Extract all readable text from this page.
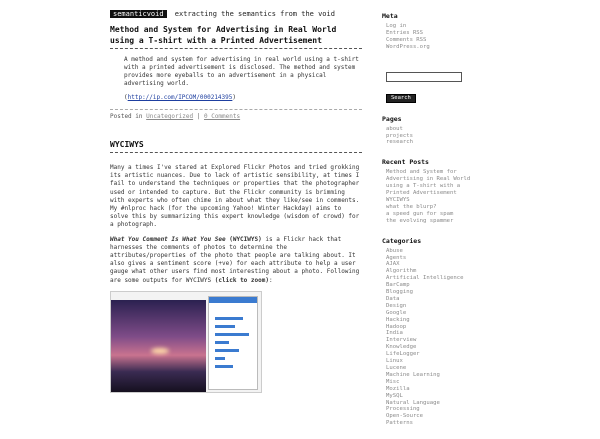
semanticvoid extracting the semantics from the void
Method and System for Advertising in Real World using a T-shirt with a Printed Advertisement

A method and system for advertising in real world using a t-shirt with a printed advertisement is disclosed. The method and system provides more eyeballs to an advertisement in a physical advertising world.

(http://ip.com/IPCOM/000214395)

Posted in Uncategorized | 0 Comments
WYCIWYS

Many a times I've stared at Explored Flickr Photos and tried grokking its artistic nuances. Due to lack of artistic sensibility, at times I fail to understand the techniques or properties that the photographer used or intended to capture. But the Flickr community is brimming with experts who often chime in about what they like/see in comments. My #nlproc hack (for the upcoming Yahoo! Winter Hackday) aims to solve this by summarizing this expert knowledge (wisdom of crowd) for a photograph.

What You Comment Is What You See (WYCIWYS) is a Flickr hack that harnesses the comments of photos to determine the attributes/properties of the photo that people are talking about. It also gives a sentiment score (+ve) for each attribute to help a user gauge what other users find most interesting about a photo. Following are some outputs for WYCIWYS (click to zoom):

Meta
Log in
Entries RSS
Comments RSS
WordPress.org

Search
Pages
about
projects
research
Recent Posts
Method and System for Advertising in Real World using a T-shirt with a Printed Advertisement
WYCIWYS
what the blurp?
a speed gun for spam
the evolving spammer
Categories
Abuse
Agents
AJAX
Algorithm
Artificial Intelligence
BarCamp
Blogging
Data
Design
Google
Hacking
Hadoop
India
Interview
Knowledge
LifeLogger
Linux
Lucene
Machine Learning
Misc
Mozilla
MySQL
Natural Language
Processing
Open-Source
Patterns
